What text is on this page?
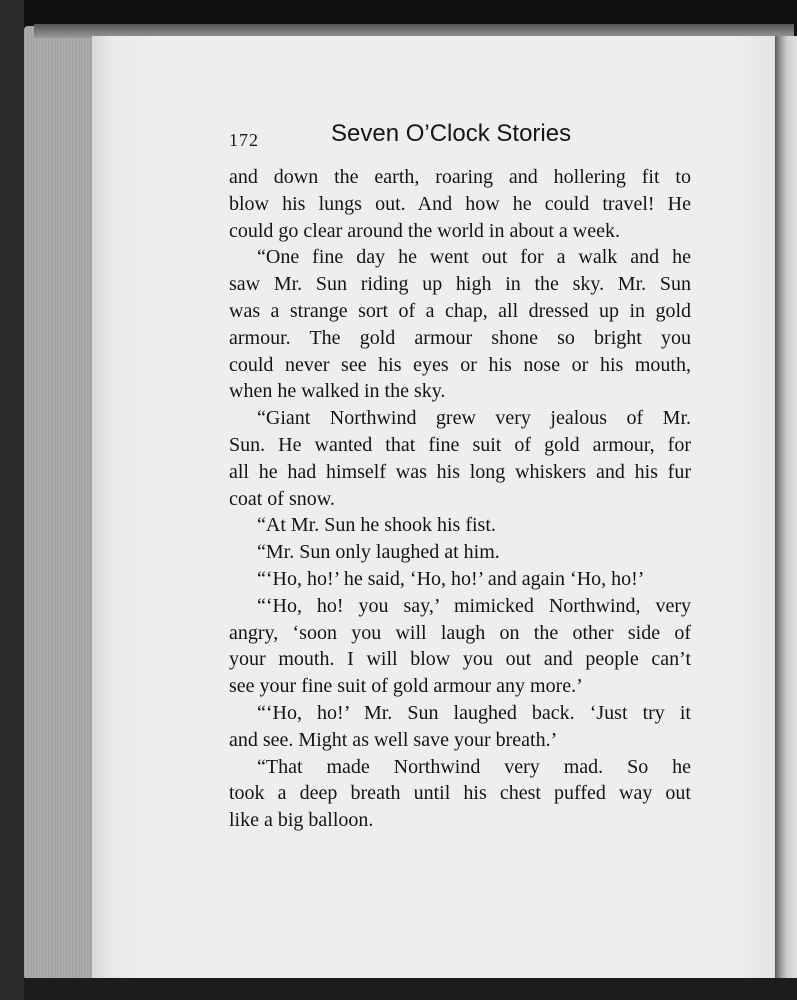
172	Seven O’Clock Stories
and down the earth, roaring and hollering fit to
blow his lungs out. And how he could travel! He
could go clear around the world in about a week.
“One fine day he went out for a walk and he
saw Mr. Sun riding up high in the sky. Mr. Sun
was a strange sort of a chap, all dressed up in gold
armour. The gold armour shone so bright you
could never see his eyes or his nose or his mouth,
when he walked in the sky.
“Giant Northwind grew very jealous of Mr.
Sun. He wanted that fine suit of gold armour, for
all he had himself was his long whiskers and his fur
coat of snow.
“At Mr. Sun he shook his fist.
“Mr. Sun only laughed at him.
“‘Ho, ho!’ he said, ‘Ho, ho!’ and again ‘Ho, ho!’
“‘Ho, ho! you say,’ mimicked Northwind, very
angry, ‘soon you will laugh on the other side of
your mouth. I will blow you out and people can’t
see your fine suit of gold armour any more.’
“‘Ho, ho!’ Mr. Sun laughed back. ‘Just try it
and see. Might as well save your breath.’
“That made Northwind very mad. So he
took a deep breath until his chest puffed way out
like a big balloon.
